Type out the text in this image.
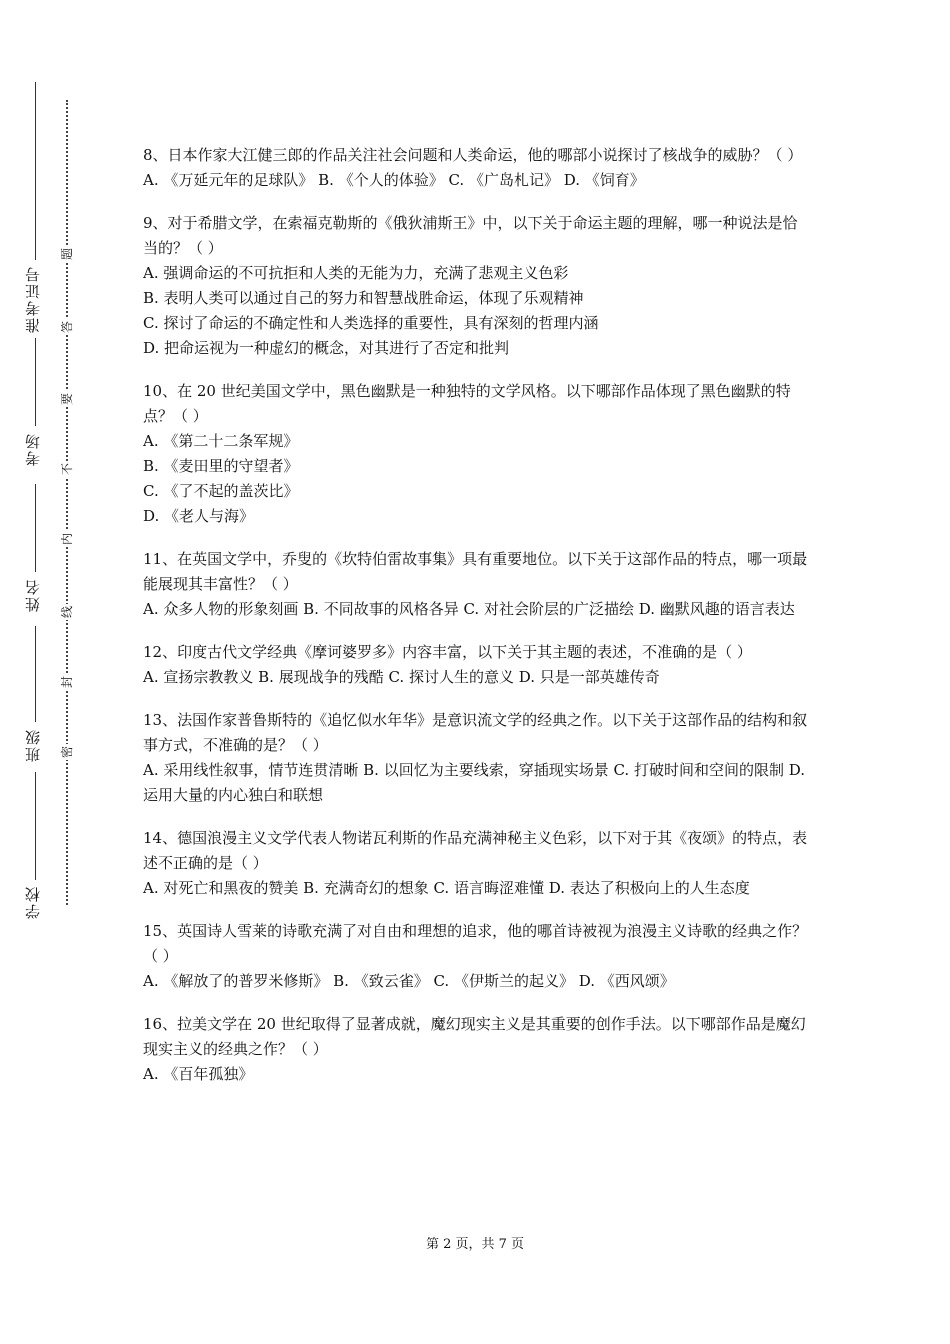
学校
班级
姓名
考场
准考证号
密
封
线
内
不
要
答
题

8、日本作家大江健三郎的作品关注社会问题和人类命运，他的哪部小说探讨了核战争的威胁？（ ）

A. 《万延元年的足球队》 B. 《个人的体验》 C. 《广岛札记》 D. 《饲育》

9、对于希腊文学，在索福克勒斯的《俄狄浦斯王》中，以下关于命运主题的理解，哪一种说法是恰当的？（ ）

A. 强调命运的不可抗拒和人类的无能为力，充满了悲观主义色彩

B. 表明人类可以通过自己的努力和智慧战胜命运，体现了乐观精神

C. 探讨了命运的不确定性和人类选择的重要性，具有深刻的哲理内涵

D. 把命运视为一种虚幻的概念，对其进行了否定和批判

10、在 20 世纪美国文学中，黑色幽默是一种独特的文学风格。以下哪部作品体现了黑色幽默的特点？（ ）

A. 《第二十二条军规》

B. 《麦田里的守望者》

C. 《了不起的盖茨比》

D. 《老人与海》

11、在英国文学中，乔叟的《坎特伯雷故事集》具有重要地位。以下关于这部作品的特点，哪一项最能展现其丰富性？（ ）

A. 众多人物的形象刻画 B. 不同故事的风格各异 C. 对社会阶层的广泛描绘 D. 幽默风趣的语言表达

12、印度古代文学经典《摩诃婆罗多》内容丰富，以下关于其主题的表述，不准确的是（ ）

A. 宣扬宗教教义 B. 展现战争的残酷 C. 探讨人生的意义 D. 只是一部英雄传奇

13、法国作家普鲁斯特的《追忆似水年华》是意识流文学的经典之作。以下关于这部作品的结构和叙事方式，不准确的是？（ ）

A. 采用线性叙事，情节连贯清晰 B. 以回忆为主要线索，穿插现实场景 C. 打破时间和空间的限制 D. 运用大量的内心独白和联想

14、德国浪漫主义文学代表人物诺瓦利斯的作品充满神秘主义色彩，以下对于其《夜颂》的特点，表述不正确的是（ ）

A. 对死亡和黑夜的赞美 B. 充满奇幻的想象 C. 语言晦涩难懂 D. 表达了积极向上的人生态度

15、英国诗人雪莱的诗歌充满了对自由和理想的追求，他的哪首诗被视为浪漫主义诗歌的经典之作？（ ）

A. 《解放了的普罗米修斯》 B. 《致云雀》 C. 《伊斯兰的起义》 D. 《西风颂》

16、拉美文学在 20 世纪取得了显著成就，魔幻现实主义是其重要的创作手法。以下哪部作品是魔幻现实主义的经典之作？（ ）

A. 《百年孤独》

第 2 页，共 7 页
